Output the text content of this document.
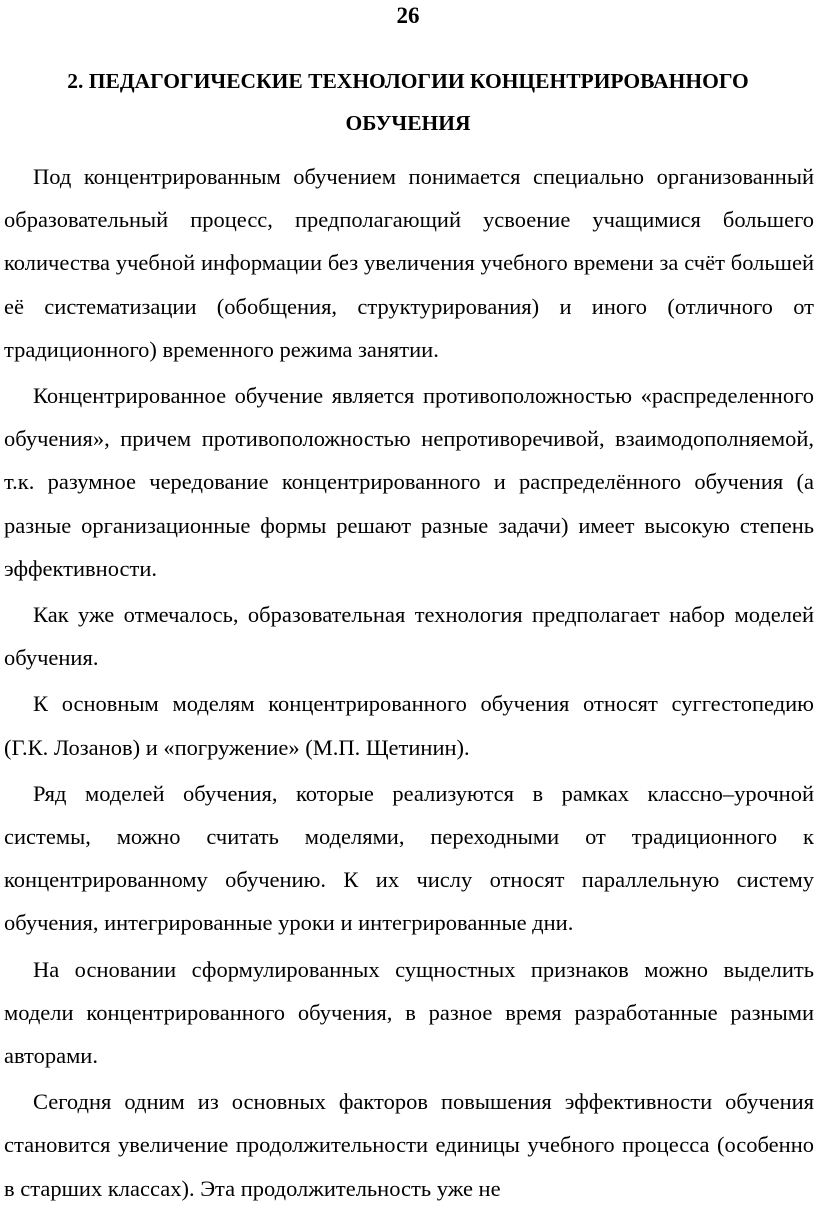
26
2. ПЕДАГОГИЧЕСКИЕ ТЕХНОЛОГИИ КОНЦЕНТРИРОВАННОГО
ОБУЧЕНИЯ

Под концентрированным обучением понимается специально организованный образовательный процесс, предполагающий усвоение учащимися большего количества учебной информации без увеличения учебного времени за счёт большей её систематизации (обобщения, структурирования) и иного (отличного от традиционного) временного режима занятии.

Концентрированное обучение является противоположностью «распределенного обучения», причем противоположностью непротиворечивой, взаимодополняемой, т.к. разумное чередование концентрированного и распределённого обучения (а разные организационные формы решают разные задачи) имеет высокую степень эффективности.

Как уже отмечалось, образовательная технология предполагает набор моделей обучения.

К основным моделям концентрированного обучения относят суггестопедию (Г.К. Лозанов) и «погружение» (М.П. Щетинин).

Ряд моделей обучения, которые реализуются в рамках классно–урочной системы, можно считать моделями, переходными от традиционного к концентрированному обучению. К их числу относят параллельную систему обучения, интегрированные уроки и интегрированные дни.

На основании сформулированных сущностных признаков можно выделить модели концентрированного обучения, в разное время разработанные разными авторами.

Сегодня одним из основных факторов повышения эффективности обучения становится увеличение продолжительности единицы учебного процесса (особенно в старших классах). Эта продолжительность уже не
